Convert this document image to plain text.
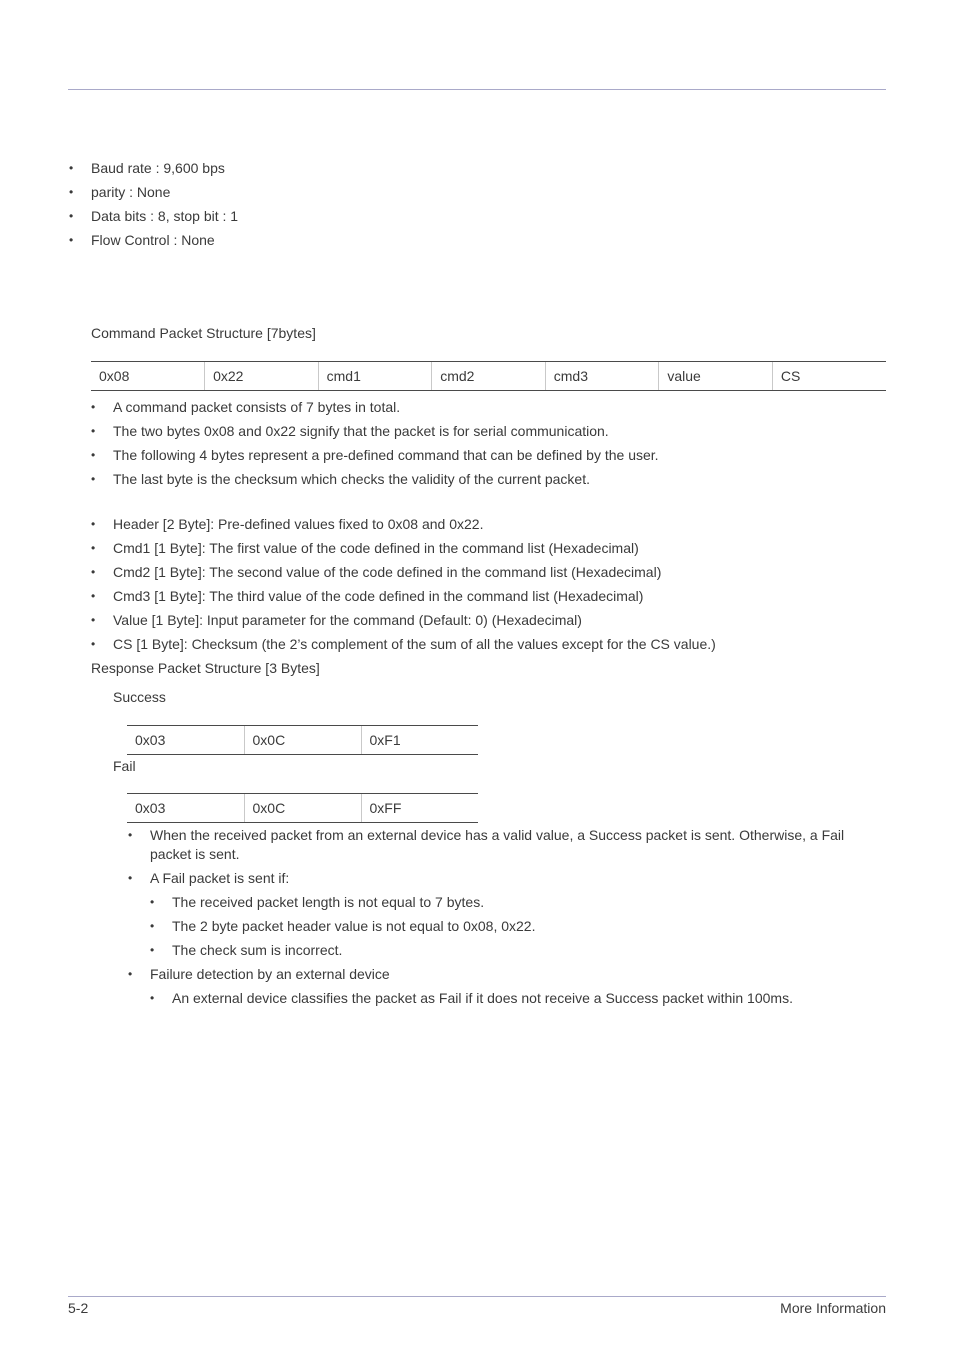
• Baud rate : 9,600 bps
• parity : None
• Data bits : 8, stop bit : 1
• Flow Control : None
Command Packet Structure [7bytes]
0x08	0x22	cmd1	cmd2	cmd3	value	CS
• A command packet consists of 7 bytes in total.
• The two bytes 0x08 and 0x22 signify that the packet is for serial communication.
• The following 4 bytes represent a pre-defined command that can be defined by the user.
• The last byte is the checksum which checks the validity of the current packet.
• Header [2 Byte]: Pre-defined values fixed to 0x08 and 0x22.
• Cmd1 [1 Byte]: The first value of the code defined in the command list (Hexadecimal)
• Cmd2 [1 Byte]: The second value of the code defined in the command list (Hexadecimal)
• Cmd3 [1 Byte]: The third value of the code defined in the command list (Hexadecimal)
• Value [1 Byte]: Input parameter for the command (Default: 0) (Hexadecimal)
• CS [1 Byte]: Checksum (the 2’s complement of the sum of all the values except for the CS value.)
Response Packet Structure [3 Bytes]
Success
0x03	0x0C	0xF1
Fail
0x03	0x0C	0xFF
• When the received packet from an external device has a valid value, a Success packet is sent. Otherwise, a Fail packet is sent.
• A Fail packet is sent if:
• The received packet length is not equal to 7 bytes.
• The 2 byte packet header value is not equal to 0x08, 0x22.
• The check sum is incorrect.
• Failure detection by an external device
• An external device classifies the packet as Fail if it does not receive a Success packet within 100ms.
5-2	More Information
